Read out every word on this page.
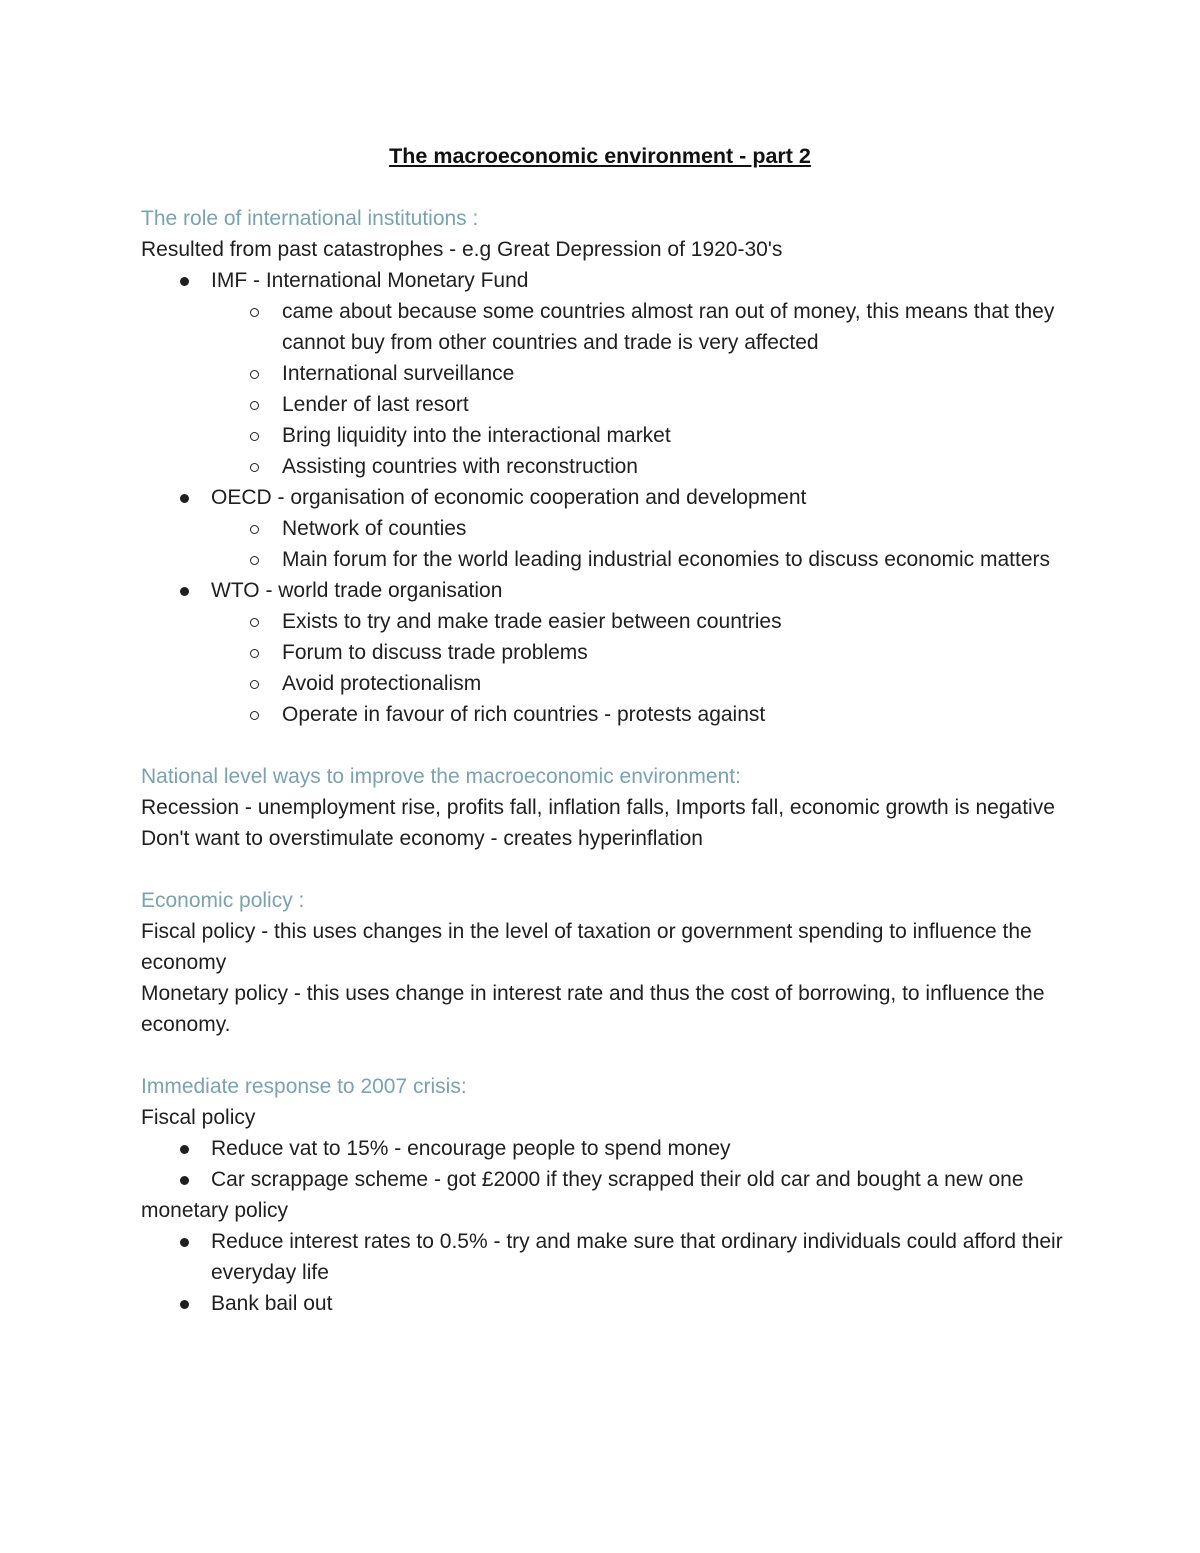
The macroeconomic environment - part 2
The role of international institutions :
Resulted from past catastrophes - e.g Great Depression of 1920-30's
IMF - International Monetary Fund
came about because some countries almost ran out of money, this means that they cannot buy from other countries and trade is very affected
International surveillance
Lender of last resort
Bring liquidity into the interactional market
Assisting countries with reconstruction
OECD - organisation of economic cooperation and development
Network of counties
Main forum for the world leading industrial economies to discuss economic matters
WTO - world trade organisation
Exists to try and make trade easier between countries
Forum to discuss trade problems
Avoid protectionalism
Operate in favour of rich countries - protests against
National level ways to improve the macroeconomic environment:
Recession - unemployment rise, profits fall, inflation falls, Imports fall, economic growth is negative
Don't want to overstimulate economy - creates hyperinflation
Economic policy :
Fiscal policy - this uses changes in the level of taxation or government spending to influence the economy
Monetary policy - this uses change in interest rate and thus the cost of borrowing, to influence the economy.
Immediate response to 2007 crisis:
Fiscal policy
Reduce vat to 15% - encourage people to spend money
Car scrappage scheme - got £2000 if they scrapped their old car and bought a new one
monetary policy
Reduce interest rates to 0.5% - try and make sure that ordinary individuals could afford their everyday life
Bank bail out
